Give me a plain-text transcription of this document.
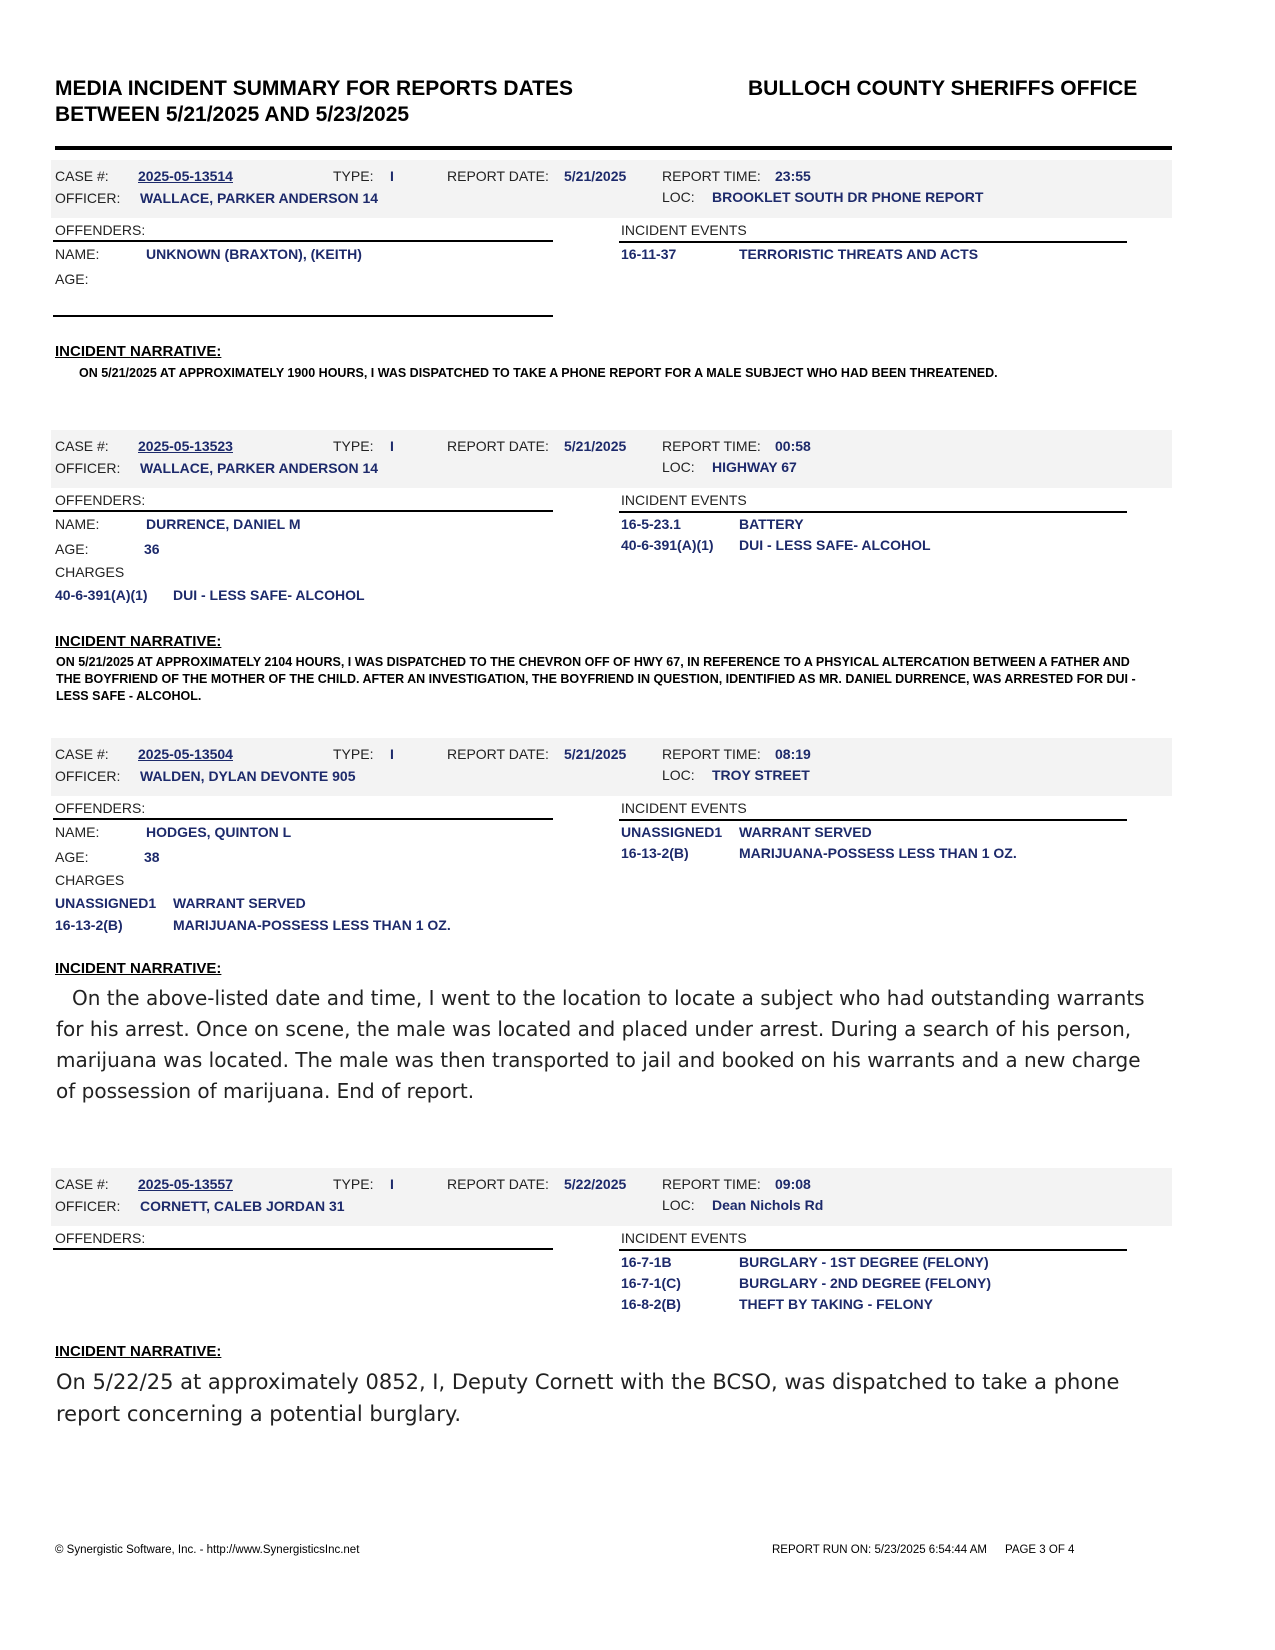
MEDIA INCIDENT SUMMARY FOR REPORTS DATES
BETWEEN 5/21/2025 AND 5/23/2025
BULLOCH COUNTY SHERIFFS OFFICE
CASE #: 2025-05-13514	TYPE: I	REPORT DATE: 5/21/2025	REPORT TIME: 23:55
OFFICER: WALLACE, PARKER ANDERSON 14	LOC: BROOKLET SOUTH DR PHONE REPORT
OFFENDERS:	INCIDENT EVENTS
NAME:	UNKNOWN (BRAXTON), (KEITH)
AGE:
16-11-37	TERRORISTIC THREATS AND ACTS
INCIDENT NARRATIVE:
ON 5/21/2025 AT APPROXIMATELY 1900 HOURS, I WAS DISPATCHED TO TAKE A PHONE REPORT FOR A MALE SUBJECT WHO HAD BEEN THREATENED.
CASE #: 2025-05-13523	TYPE: I	REPORT DATE: 5/21/2025	REPORT TIME: 00:58
OFFICER: WALLACE, PARKER ANDERSON 14	LOC: HIGHWAY 67
OFFENDERS:	INCIDENT EVENTS
NAME:	DURRENCE, DANIEL M
AGE:	36
CHARGES
40-6-391(A)(1) DUI - LESS SAFE- ALCOHOL
16-5-23.1	BATTERY
40-6-391(A)(1) DUI - LESS SAFE- ALCOHOL
INCIDENT NARRATIVE:
ON 5/21/2025 AT APPROXIMATELY 2104 HOURS, I WAS DISPATCHED TO THE CHEVRON OFF OF HWY 67, IN REFERENCE TO A PHSYICAL ALTERCATION BETWEEN A FATHER AND THE BOYFRIEND OF THE MOTHER OF THE CHILD. AFTER AN INVESTIGATION, THE BOYFRIEND IN QUESTION, IDENTIFIED AS MR. DANIEL DURRENCE, WAS ARRESTED FOR DUI - LESS SAFE - ALCOHOL.
CASE #: 2025-05-13504	TYPE: I	REPORT DATE: 5/21/2025	REPORT TIME: 08:19
OFFICER: WALDEN, DYLAN DEVONTE 905	LOC: TROY STREET
OFFENDERS:	INCIDENT EVENTS
NAME:	HODGES, QUINTON L
AGE:	38
CHARGES
UNASSIGNED1 WARRANT SERVED
16-13-2(B)	MARIJUANA-POSSESS LESS THAN 1 OZ.
UNASSIGNED1 WARRANT SERVED
16-13-2(B)	MARIJUANA-POSSESS LESS THAN 1 OZ.
INCIDENT NARRATIVE:
On the above-listed date and time, I went to the location to locate a subject who had outstanding warrants for his arrest. Once on scene, the male was located and placed under arrest. During a search of his person, marijuana was located. The male was then transported to jail and booked on his warrants and a new charge of possession of marijuana. End of report.
CASE #: 2025-05-13557	TYPE: I	REPORT DATE: 5/22/2025	REPORT TIME: 09:08
OFFICER: CORNETT, CALEB JORDAN 31	LOC: Dean Nichols Rd
OFFENDERS:	INCIDENT EVENTS
16-7-1B	BURGLARY - 1ST DEGREE (FELONY)
16-7-1(C)	BURGLARY - 2ND DEGREE (FELONY)
16-8-2(B)	THEFT BY TAKING - FELONY
INCIDENT NARRATIVE:
On 5/22/25 at approximately 0852, I, Deputy Cornett with the BCSO, was dispatched to take a phone report concerning a potential burglary.
© Synergistic Software, Inc. - http://www.SynergisticsInc.net	REPORT RUN ON: 5/23/2025 6:54:44 AM PAGE 3 OF 4
